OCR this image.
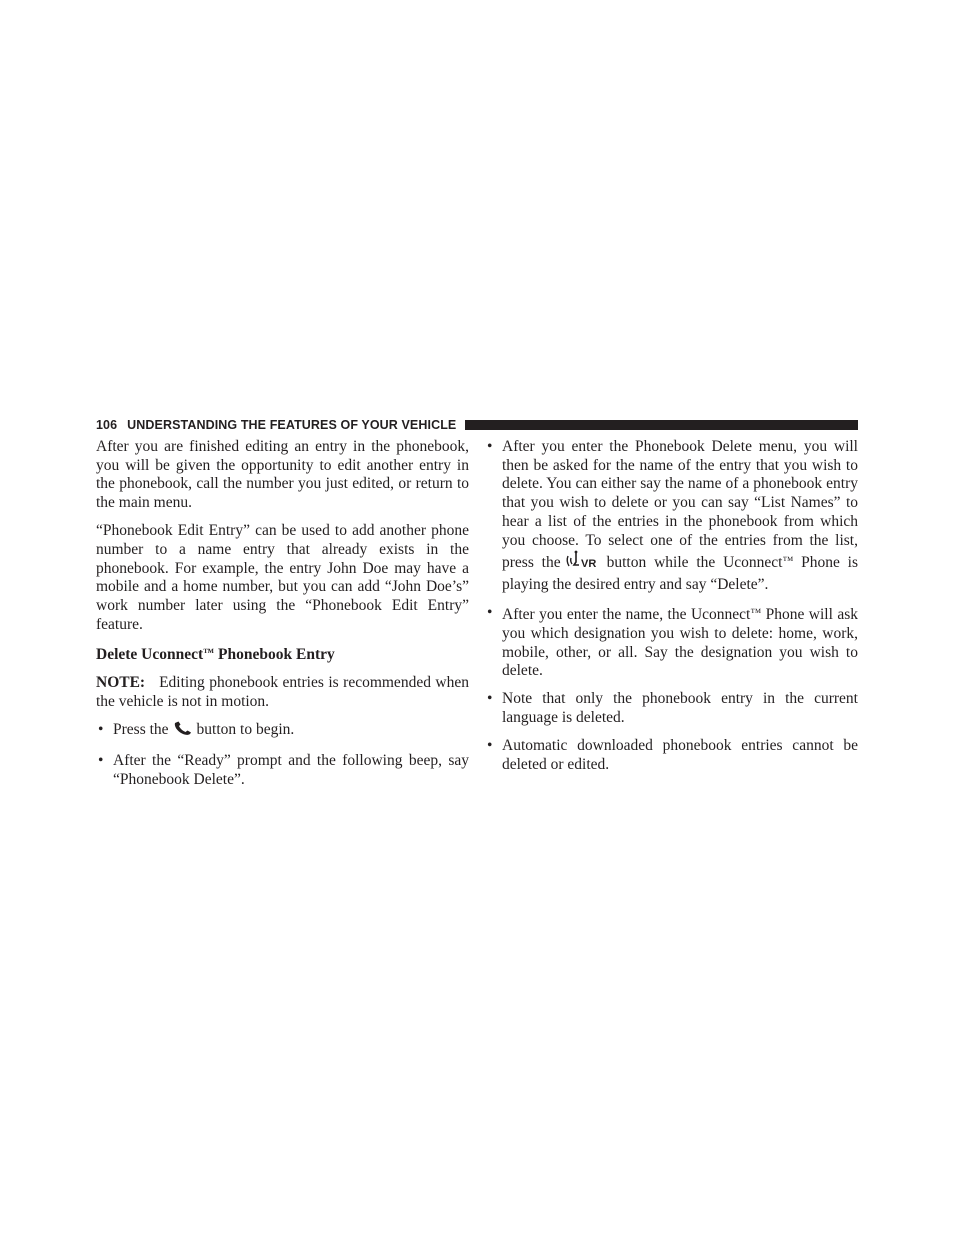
106 UNDERSTANDING THE FEATURES OF YOUR VEHICLE

After you are finished editing an entry in the phonebook, you will be given the opportunity to edit another entry in the phonebook, call the number you just edited, or return to the main menu.

“Phonebook Edit Entry” can be used to add another phone number to a name entry that already exists in the phonebook. For example, the entry John Doe may have a mobile and a home number, but you can add “John Doe’s” work number later using the “Phonebook Edit Entry” feature.

Delete Uconnect™ Phonebook Entry

NOTE: Editing phonebook entries is recommended when the vehicle is not in motion.

• Press the button to begin.
• After the “Ready” prompt and the following beep, say “Phonebook Delete”.
• After you enter the Phonebook Delete menu, you will then be asked for the name of the entry that you wish to delete. You can either say the name of a phonebook entry that you wish to delete or you can say “List Names” to hear a list of the entries in the phonebook from which you choose. To select one of the entries from the list, press the VR button while the Uconnect™ Phone is playing the desired entry and say “Delete”.
• After you enter the name, the Uconnect™ Phone will ask you which designation you wish to delete: home, work, mobile, other, or all. Say the designation you wish to delete.
• Note that only the phonebook entry in the current language is deleted.
• Automatic downloaded phonebook entries cannot be deleted or edited.
